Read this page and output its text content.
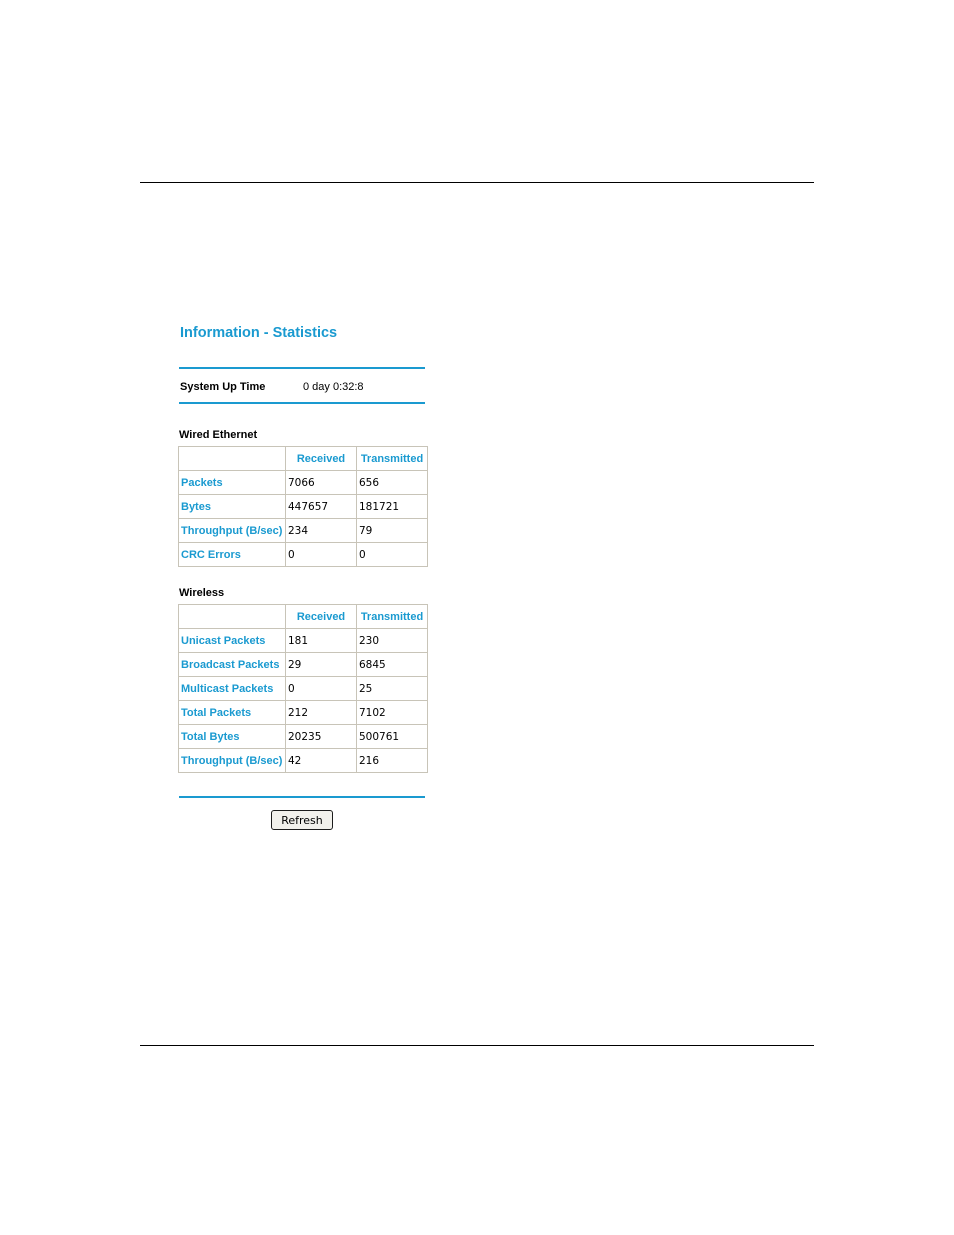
Information - Statistics
System Up Time	0 day 0:32:8
Wired Ethernet
	Received	Transmitted
Packets	7066	656
Bytes	447657	181721
Throughput (B/sec)	234	79
CRC Errors	0	0
Wireless
	Received	Transmitted
Unicast Packets	181	230
Broadcast Packets	29	6845
Multicast Packets	0	25
Total Packets	212	7102
Total Bytes	20235	500761
Throughput (B/sec)	42	216
Refresh
